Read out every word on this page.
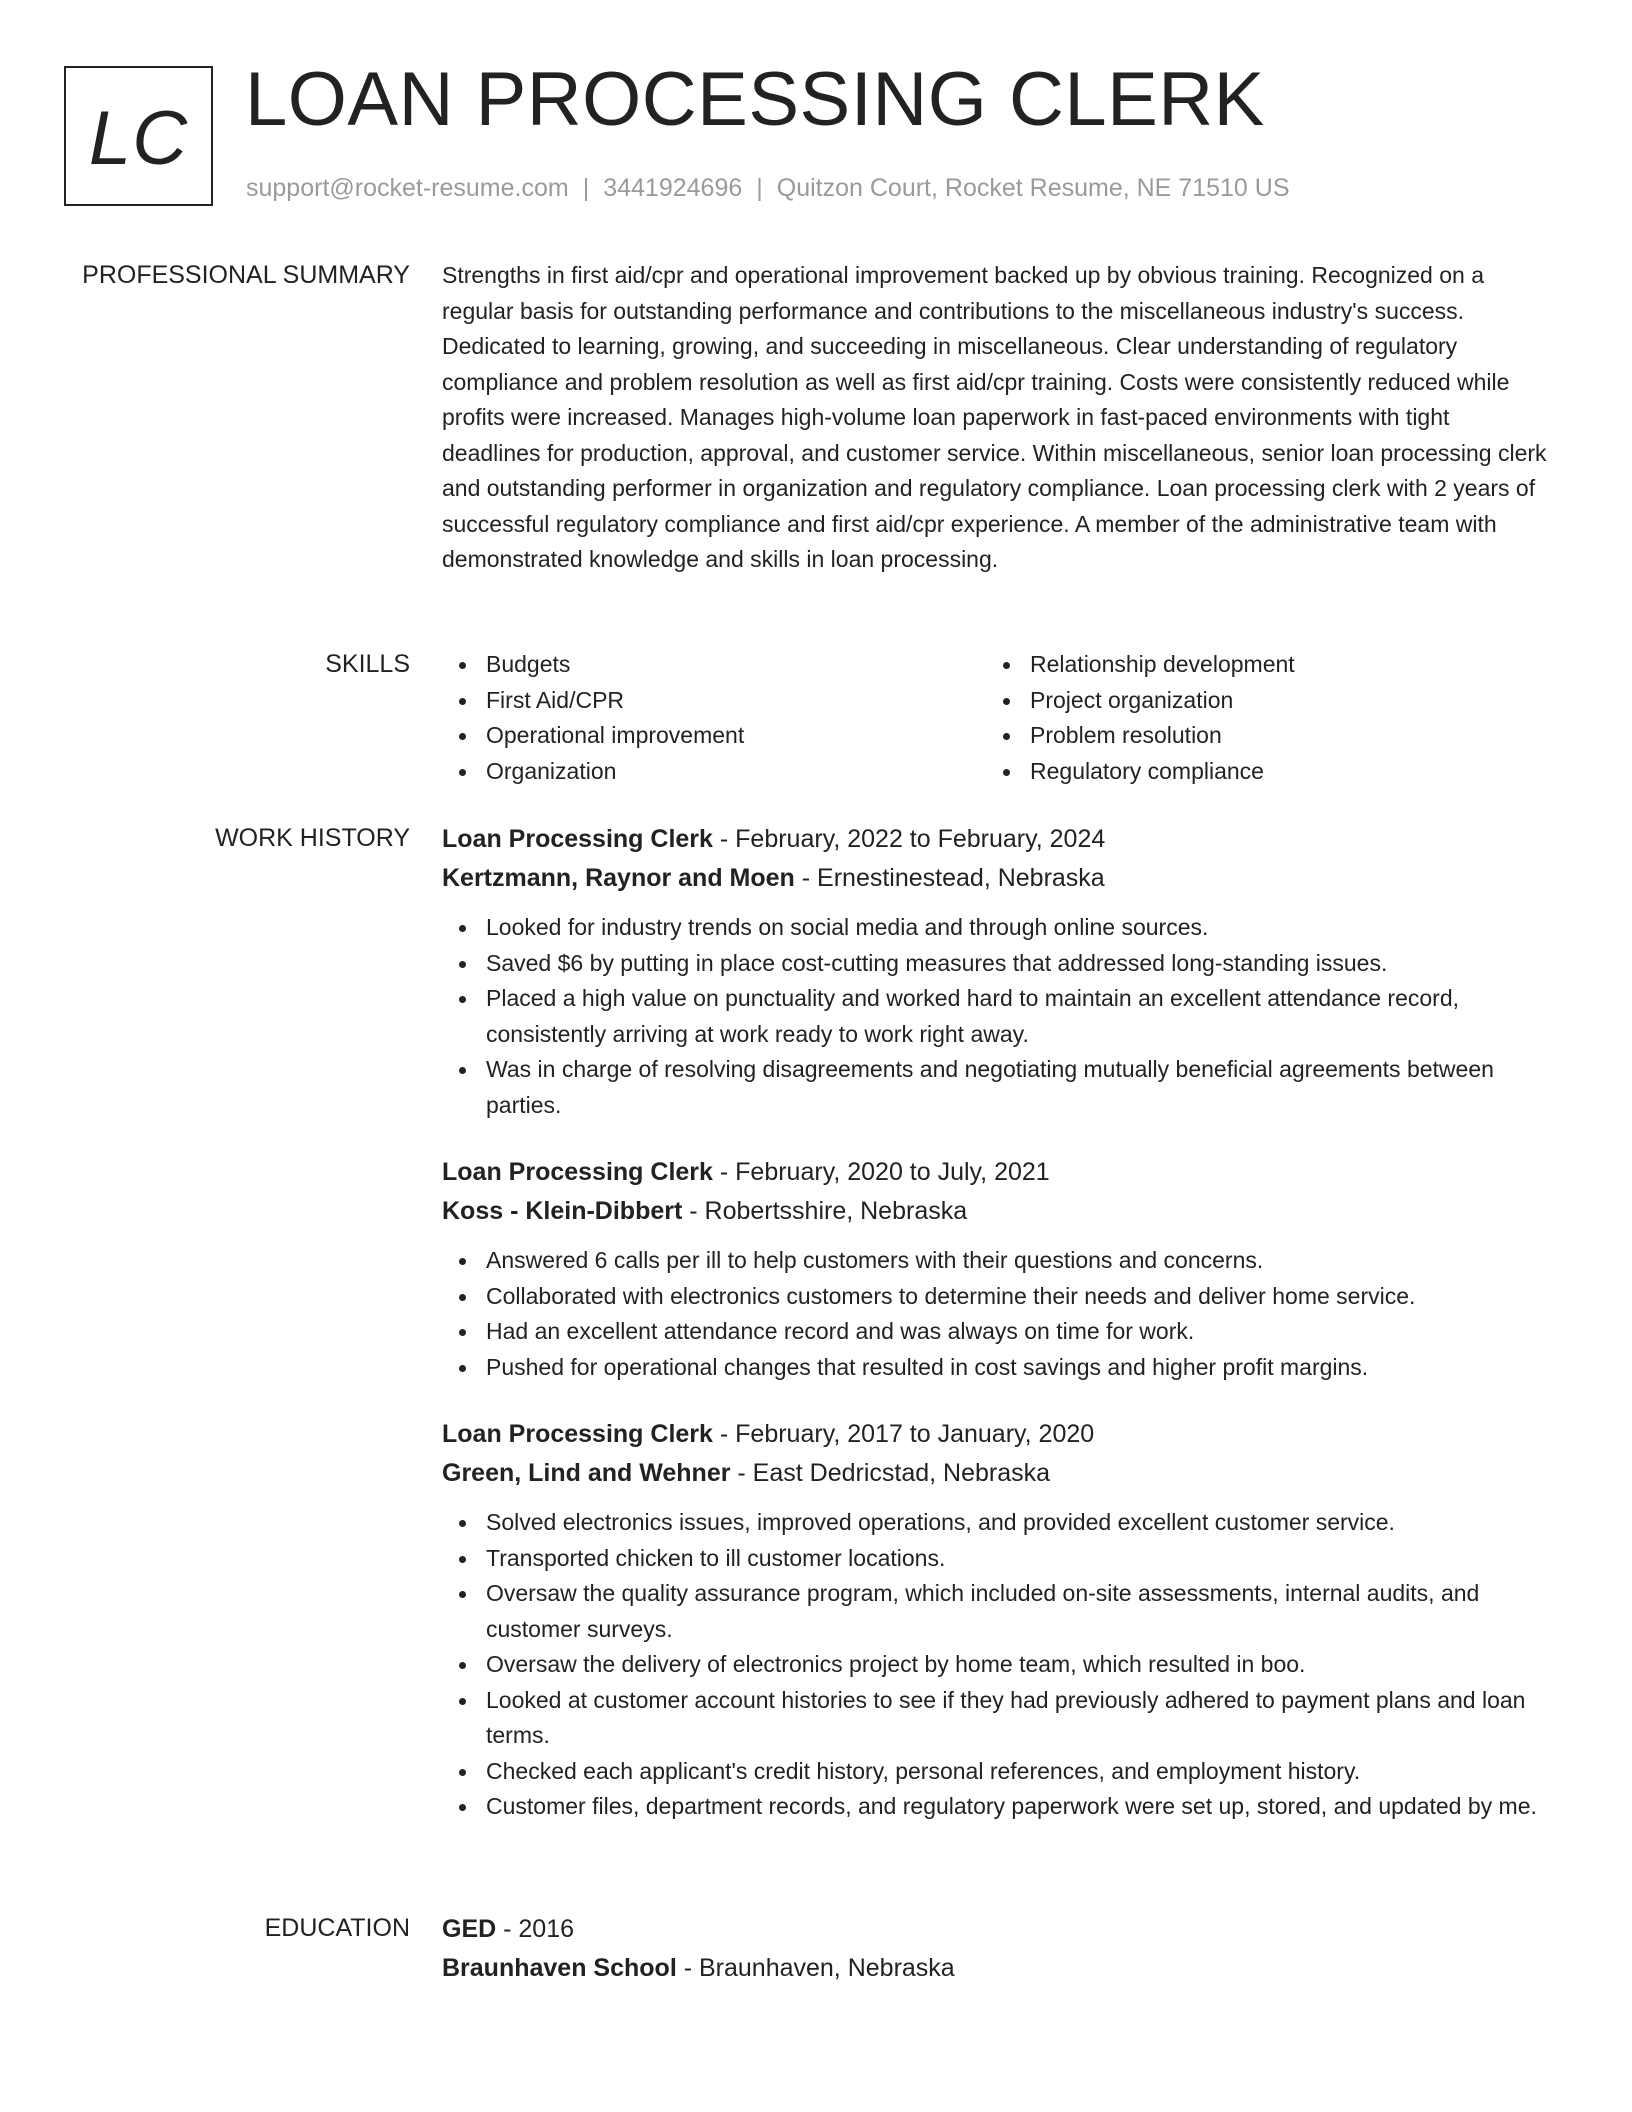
LC LOAN PROCESSING CLERK
support@rocket-resume.com | 3441924696 | Quitzon Court, Rocket Resume, NE 71510 US
PROFESSIONAL SUMMARY Strengths in first aid/cpr and operational improvement backed up by obvious training. Recognized on a regular basis for outstanding performance and contributions to the miscellaneous industry's success. Dedicated to learning, growing, and succeeding in miscellaneous. Clear understanding of regulatory compliance and problem resolution as well as first aid/cpr training. Costs were consistently reduced while profits were increased. Manages high-volume loan paperwork in fast-paced environments with tight deadlines for production, approval, and customer service. Within miscellaneous, senior loan processing clerk and outstanding performer in organization and regulatory compliance. Loan processing clerk with 2 years of successful regulatory compliance and first aid/cpr experience. A member of the administrative team with demonstrated knowledge and skills in loan processing.

SKILLS	Budgets
First Aid/CPR
Operational improvement
Organization
Relationship development
Project organization
Problem resolution
Regulatory compliance
WORK HISTORY Loan Processing Clerk - February, 2022 to February, 2024
Kertzmann, Raynor and Moen - Ernestinestead, Nebraska
Looked for industry trends on social media and through online sources.
Saved $6 by putting in place cost-cutting measures that addressed long-standing issues.
Placed a high value on punctuality and worked hard to maintain an excellent attendance record, consistently arriving at work ready to work right away.
Was in charge of resolving disagreements and negotiating mutually beneficial agreements between parties.
Loan Processing Clerk - February, 2020 to July, 2021
Koss - Klein-Dibbert - Robertsshire, Nebraska
Answered 6 calls per ill to help customers with their questions and concerns.
Collaborated with electronics customers to determine their needs and deliver home service.
Had an excellent attendance record and was always on time for work.
Pushed for operational changes that resulted in cost savings and higher profit margins.
Loan Processing Clerk - February, 2017 to January, 2020
Green, Lind and Wehner - East Dedricstad, Nebraska
Solved electronics issues, improved operations, and provided excellent customer service.
Transported chicken to ill customer locations.
Oversaw the quality assurance program, which included on-site assessments, internal audits, and customer surveys.
Oversaw the delivery of electronics project by home team, which resulted in boo.
Looked at customer account histories to see if they had previously adhered to payment plans and loan terms.
Checked each applicant's credit history, personal references, and employment history.
Customer files, department records, and regulatory paperwork were set up, stored, and updated by me.
EDUCATION GED - 2016
Braunhaven School - Braunhaven, Nebraska
